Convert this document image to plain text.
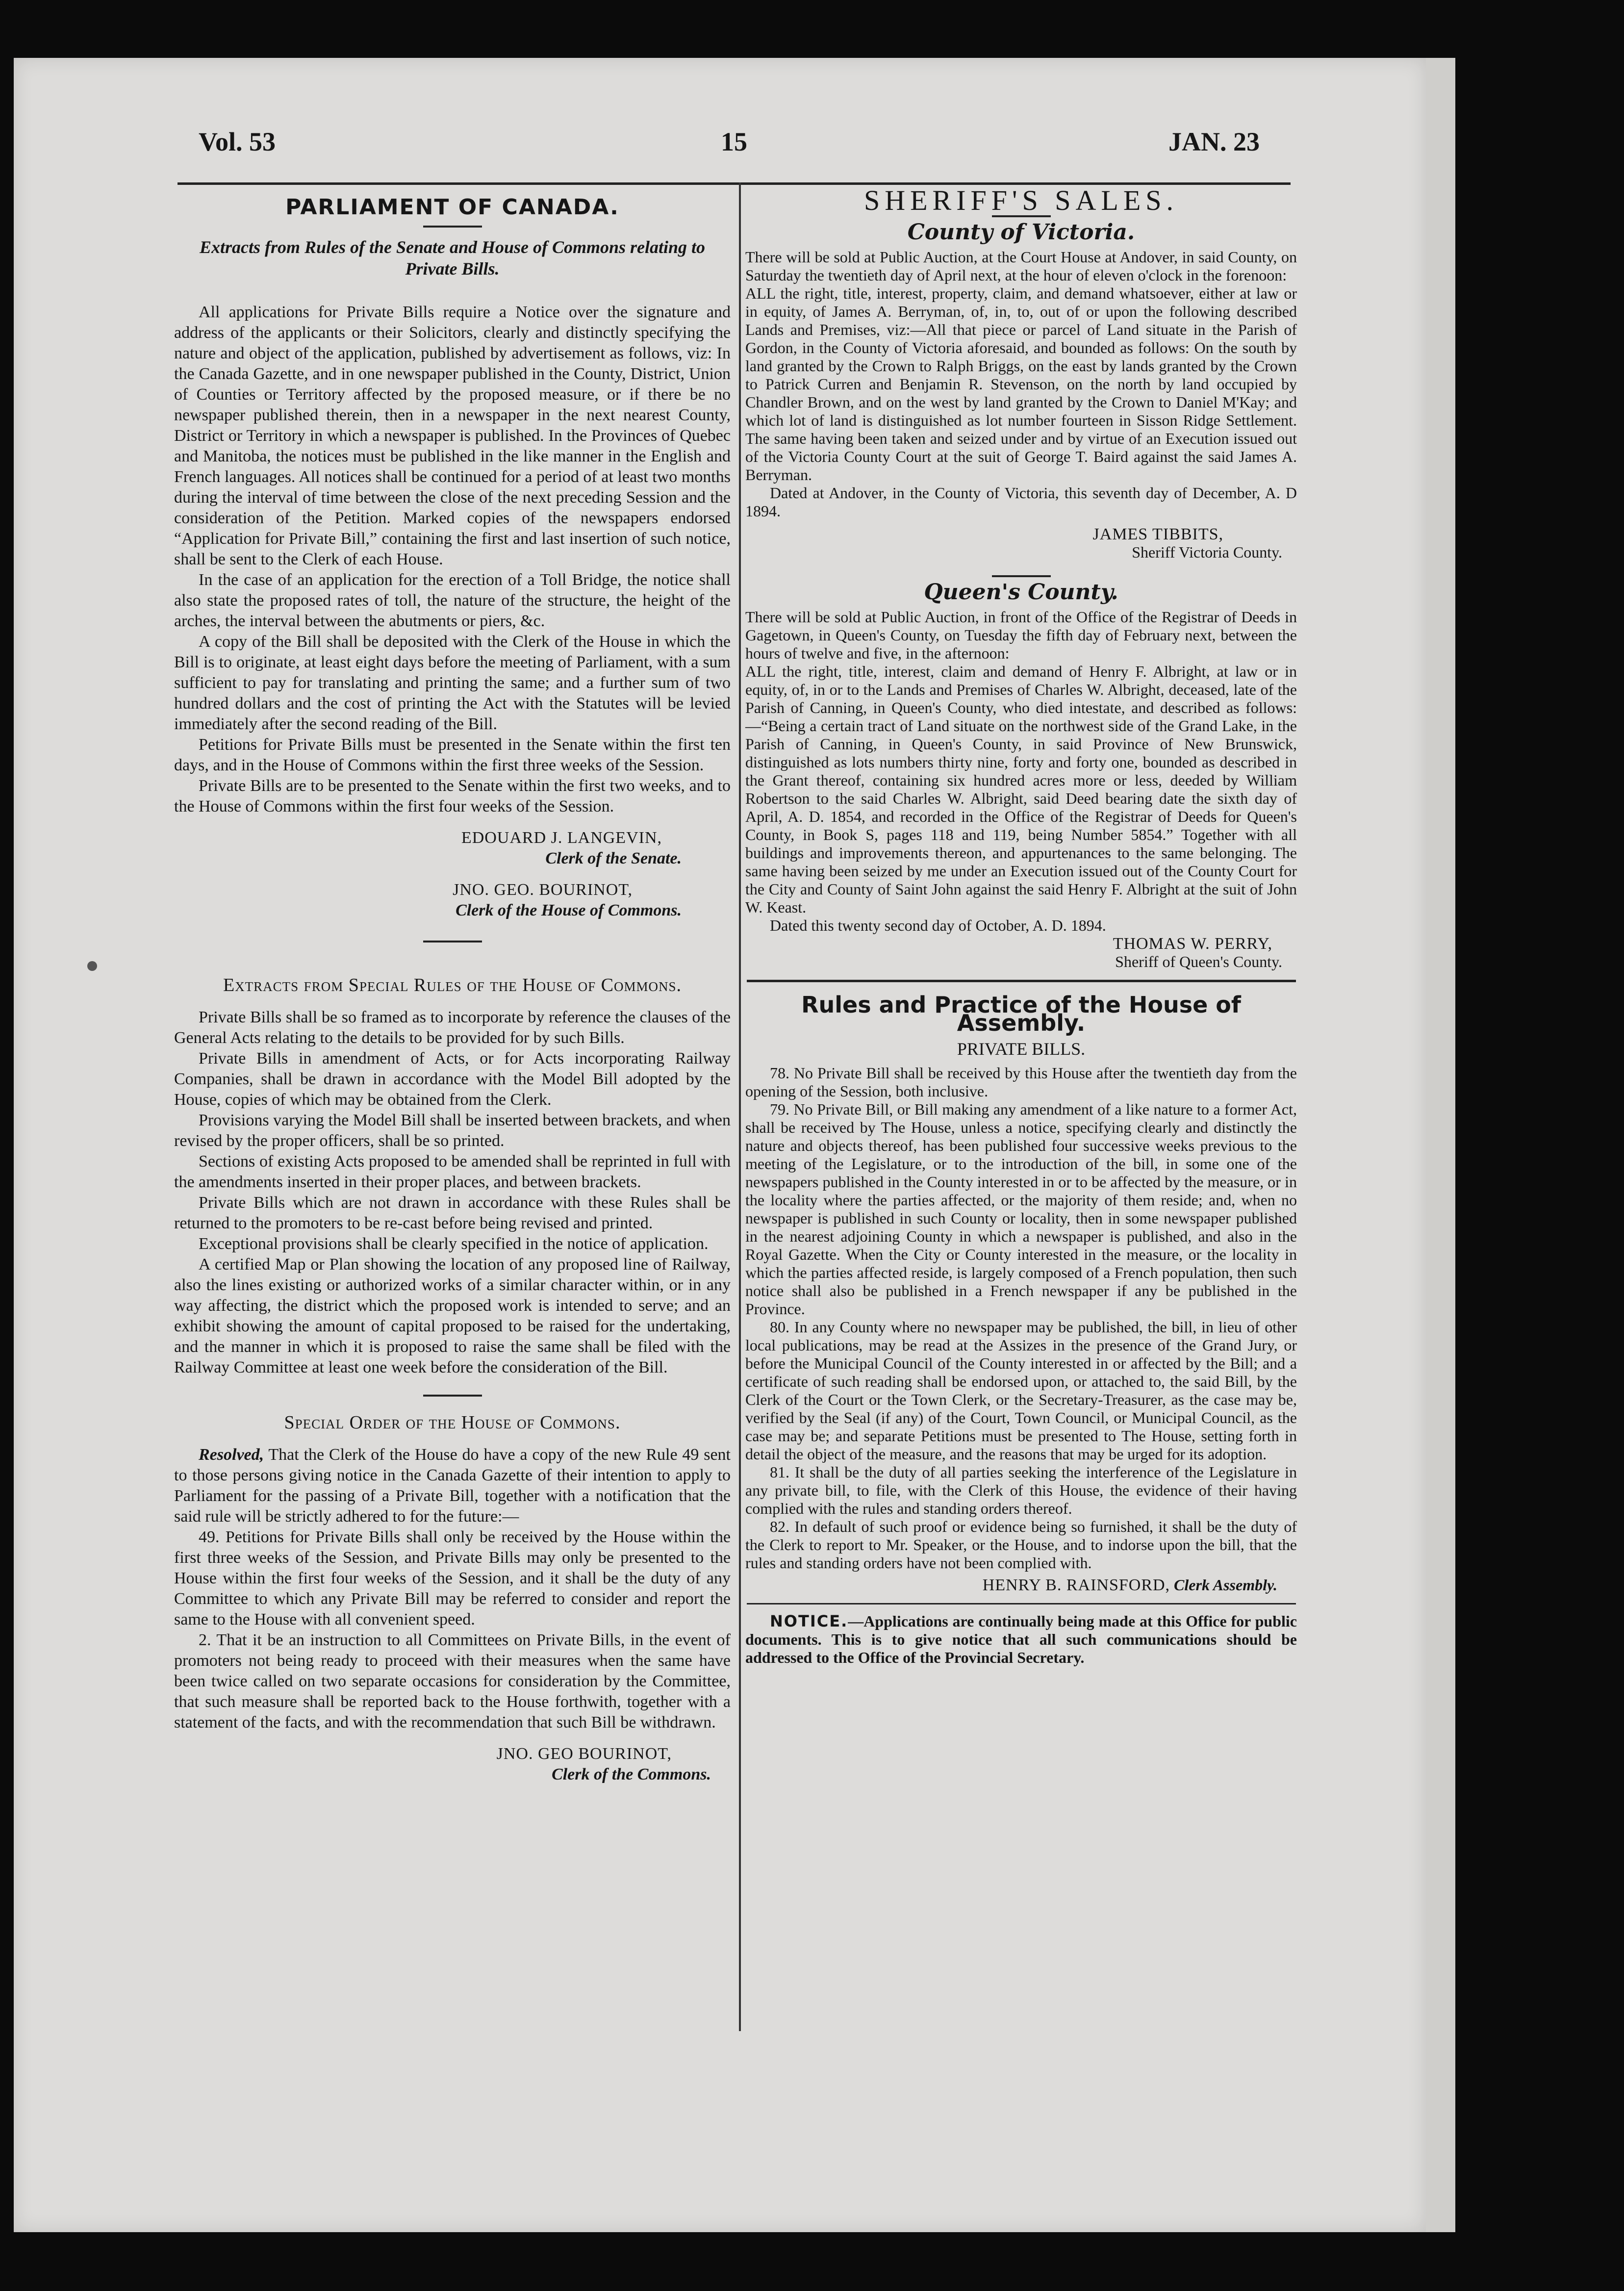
Vol. 53	15	JAN. 23
PARLIAMENT OF CANADA.
Extracts from Rules of the Senate and House of Commons relating to Private Bills.

All applications for Private Bills require a Notice over the signature and address of the applicants or their Solicitors, clearly and distinctly specifying the nature and object of the application, published by advertisement as follows, viz: In the Canada Gazette, and in one newspaper published in the County, District, Union of Counties or Territory affected by the proposed measure, or if there be no newspaper published therein, then in a newspaper in the next nearest County, District or Territory in which a newspaper is published. In the Provinces of Quebec and Manitoba, the notices must be published in the like manner in the English and French languages. All notices shall be continued for a period of at least two months during the interval of time between the close of the next preceding Session and the consideration of the Petition. Marked copies of the newspapers endorsed “Application for Private Bill,” containing the first and last insertion of such notice, shall be sent to the Clerk of each House.

In the case of an application for the erection of a Toll Bridge, the notice shall also state the proposed rates of toll, the nature of the structure, the height of the arches, the interval between the abutments or piers, &c.

A copy of the Bill shall be deposited with the Clerk of the House in which the Bill is to originate, at least eight days before the meeting of Parliament, with a sum sufficient to pay for translating and printing the same; and a further sum of two hundred dollars and the cost of printing the Act with the Statutes will be levied immediately after the second reading of the Bill.

Petitions for Private Bills must be presented in the Senate within the first ten days, and in the House of Commons within the first three weeks of the Session.

Private Bills are to be presented to the Senate within the first two weeks, and to the House of Commons within the first four weeks of the Session.

EDOUARD J. LANGEVIN,
Clerk of the Senate.
JNO. GEO. BOURINOT,
Clerk of the House of Commons.
Extracts from Special Rules of the House of Commons.

Private Bills shall be so framed as to incorporate by reference the clauses of the General Acts relating to the details to be provided for by such Bills.

Private Bills in amendment of Acts, or for Acts incorporating Railway Companies, shall be drawn in accordance with the Model Bill adopted by the House, copies of which may be obtained from the Clerk.

Provisions varying the Model Bill shall be inserted between brackets, and when revised by the proper officers, shall be so printed.

Sections of existing Acts proposed to be amended shall be reprinted in full with the amendments inserted in their proper places, and between brackets.

Private Bills which are not drawn in accordance with these Rules shall be returned to the promoters to be re-cast before being revised and printed.

Exceptional provisions shall be clearly specified in the notice of application.

A certified Map or Plan showing the location of any proposed line of Railway, also the lines existing or authorized works of a similar character within, or in any way affecting, the district which the proposed work is intended to serve; and an exhibit showing the amount of capital proposed to be raised for the undertaking, and the manner in which it is proposed to raise the same shall be filed with the Railway Committee at least one week before the consideration of the Bill.

Special Order of the House of Commons.

Resolved, That the Clerk of the House do have a copy of the new Rule 49 sent to those persons giving notice in the Canada Gazette of their intention to apply to Parliament for the passing of a Private Bill, together with a notification that the said rule will be strictly adhered to for the future:—

49. Petitions for Private Bills shall only be received by the House within the first three weeks of the Session, and Private Bills may only be presented to the House within the first four weeks of the Session, and it shall be the duty of any Committee to which any Private Bill may be referred to consider and report the same to the House with all convenient speed.

2. That it be an instruction to all Committees on Private Bills, in the event of promoters not being ready to proceed with their measures when the same have been twice called on two separate occasions for consideration by the Committee, that such measure shall be reported back to the House forthwith, together with a statement of the facts, and with the recommendation that such Bill be withdrawn.

JNO. GEO BOURINOT,
Clerk of the Commons.
SHERIFF'S SALES.
County of Victoria.

There will be sold at Public Auction, at the Court House at Andover, in said County, on Saturday the twentieth day of April next, at the hour of eleven o'clock in the forenoon:

ALL the right, title, interest, property, claim, and demand whatsoever, either at law or in equity, of James A. Berryman, of, in, to, out of or upon the following described Lands and Premises, viz:—All that piece or parcel of Land situate in the Parish of Gordon, in the County of Victoria aforesaid, and bounded as follows: On the south by land granted by the Crown to Ralph Briggs, on the east by lands granted by the Crown to Patrick Curren and Benjamin R. Stevenson, on the north by land occupied by Chandler Brown, and on the west by land granted by the Crown to Daniel M'Kay; and which lot of land is distinguished as lot number fourteen in Sisson Ridge Settlement. The same having been taken and seized under and by virtue of an Execution issued out of the Victoria County Court at the suit of George T. Baird against the said James A. Berryman.

Dated at Andover, in the County of Victoria, this seventh day of December, A. D 1894.

JAMES TIBBITS,
Sheriff Victoria County.
Queen's County.

There will be sold at Public Auction, in front of the Office of the Registrar of Deeds in Gagetown, in Queen's County, on Tuesday the fifth day of February next, between the hours of twelve and five, in the afternoon:

ALL the right, title, interest, claim and demand of Henry F. Albright, at law or in equity, of, in or to the Lands and Premises of Charles W. Albright, deceased, late of the Parish of Canning, in Queen's County, who died intestate, and described as follows:—“Being a certain tract of Land situate on the northwest side of the Grand Lake, in the Parish of Canning, in Queen's County, in said Province of New Brunswick, distinguished as lots numbers thirty nine, forty and forty one, bounded as described in the Grant thereof, containing six hundred acres more or less, deeded by William Robertson to the said Charles W. Albright, said Deed bearing date the sixth day of April, A. D. 1854, and recorded in the Office of the Registrar of Deeds for Queen's County, in Book S, pages 118 and 119, being Number 5854.” Together with all buildings and improvements thereon, and appurtenances to the same belonging. The same having been seized by me under an Execution issued out of the County Court for the City and County of Saint John against the said Henry F. Albright at the suit of John W. Keast.

Dated this twenty second day of October, A. D. 1894.

THOMAS W. PERRY,
Sheriff of Queen's County.
Rules and Practice of the House of Assembly.
PRIVATE BILLS.

78. No Private Bill shall be received by this House after the twentieth day from the opening of the Session, both inclusive.

79. No Private Bill, or Bill making any amendment of a like nature to a former Act, shall be received by The House, unless a notice, specifying clearly and distinctly the nature and objects thereof, has been published four successive weeks previous to the meeting of the Legislature, or to the introduction of the bill, in some one of the newspapers published in the County interested in or to be affected by the measure, or in the locality where the parties affected, or the majority of them reside; and, when no newspaper is published in such County or locality, then in some newspaper published in the nearest adjoining County in which a newspaper is published, and also in the Royal Gazette. When the City or County interested in the measure, or the locality in which the parties affected reside, is largely composed of a French population, then such notice shall also be published in a French newspaper if any be published in the Province.

80. In any County where no newspaper may be published, the bill, in lieu of other local publications, may be read at the Assizes in the presence of the Grand Jury, or before the Municipal Council of the County interested in or affected by the Bill; and a certificate of such reading shall be endorsed upon, or attached to, the said Bill, by the Clerk of the Court or the Town Clerk, or the Secretary-Treasurer, as the case may be, verified by the Seal (if any) of the Court, Town Council, or Municipal Council, as the case may be; and separate Petitions must be presented to The House, setting forth in detail the object of the measure, and the reasons that may be urged for its adoption.

81. It shall be the duty of all parties seeking the interference of the Legislature in any private bill, to file, with the Clerk of this House, the evidence of their having complied with the rules and standing orders thereof.

82. In default of such proof or evidence being so furnished, it shall be the duty of the Clerk to report to Mr. Speaker, or the House, and to indorse upon the bill, that the rules and standing orders have not been complied with.

HENRY B. RAINSFORD, Clerk Assembly.

NOTICE.—Applications are continually being made at this Office for public documents. This is to give notice that all such communications should be addressed to the Office of the Provincial Secretary.
